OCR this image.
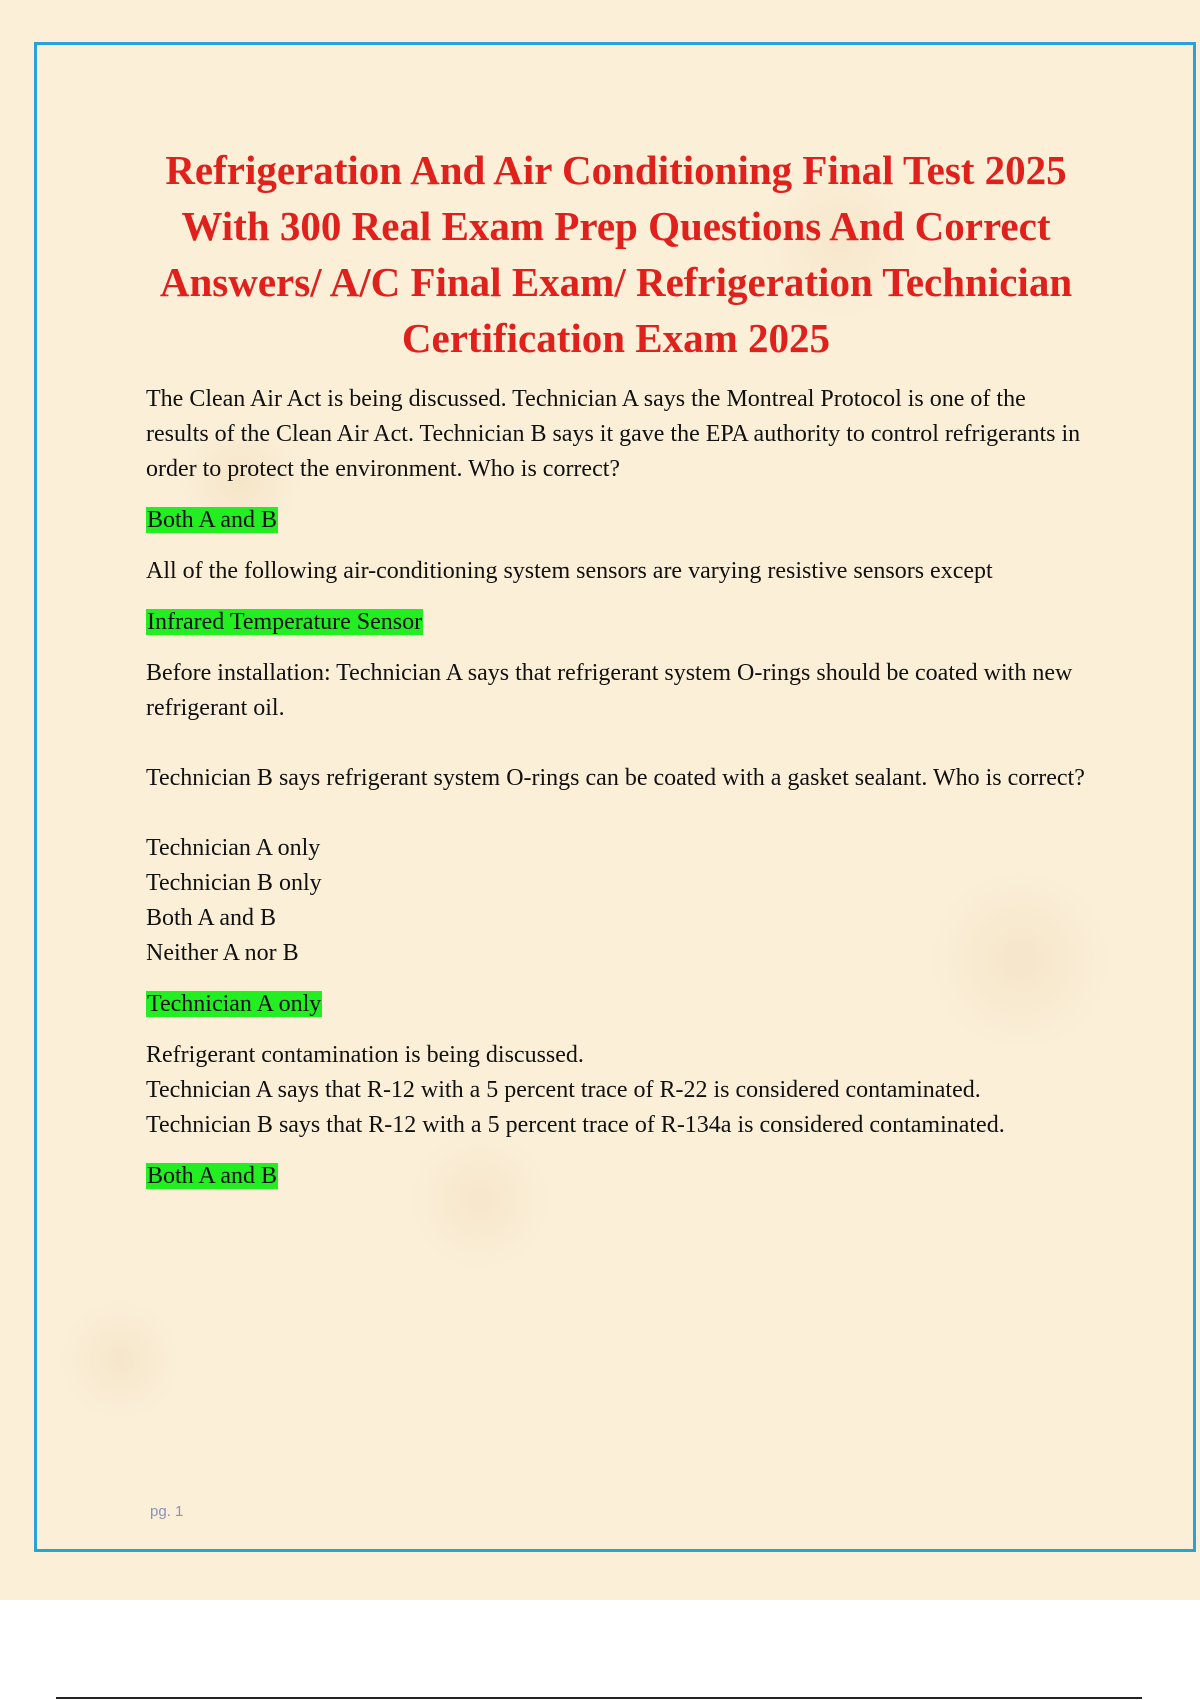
Refrigeration And Air Conditioning Final Test 2025 With 300 Real Exam Prep Questions And Correct Answers/ A/C Final Exam/ Refrigeration Technician Certification Exam 2025

The Clean Air Act is being discussed. Technician A says the Montreal Protocol is one of the results of the Clean Air Act. Technician B says it gave the EPA authority to control refrigerants in order to protect the environment. Who is correct?

Both A and B

All of the following air-conditioning system sensors are varying resistive sensors except

Infrared Temperature Sensor

Before installation: Technician A says that refrigerant system O-rings should be coated with new refrigerant oil.
Technician B says refrigerant system O-rings can be coated with a gasket sealant. Who is correct?
Technician A only
Technician B only
Both A and B
Neither A nor B

Technician A only

Refrigerant contamination is being discussed.
Technician A says that R-12 with a 5 percent trace of R-22 is considered contaminated.
Technician B says that R-12 with a 5 percent trace of R-134a is considered contaminated.

Both A and B

pg. 1
